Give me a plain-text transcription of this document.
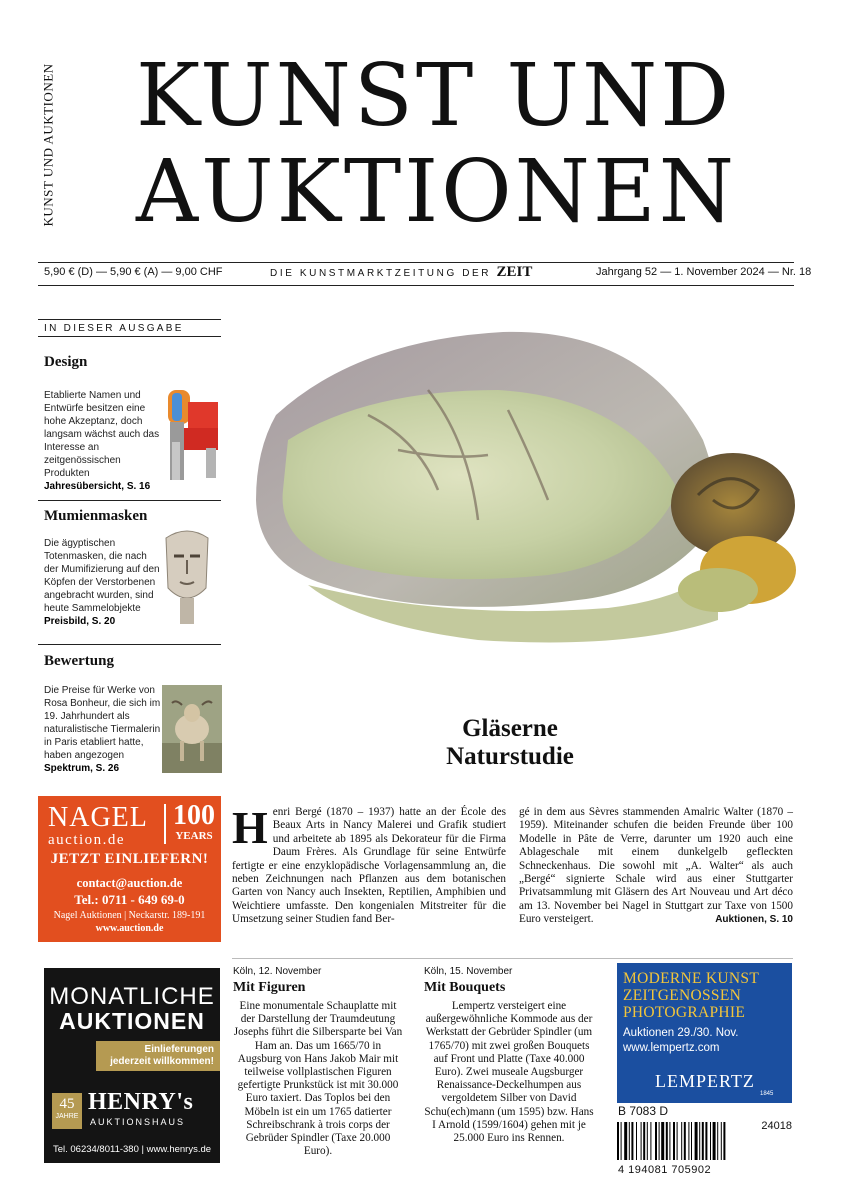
KUNST UND AUKTIONEN KUNST UND
AUKTIONEN
5,90 € (D) — 5,90 € (A) — 9,00 CHF	DIE KUNSTMARKTZEITUNG DER ZEIT	Jahrgang 52 — 1. November 2024 — Nr. 18
IN DIESER AUSGABE
Design
Etablierte Namen und Entwürfe besitzen eine hohe Akzeptanz, doch langsam wächst auch das Interesse an zeitgenössischen Produkten
Jahresübersicht, S. 16
Mumienmasken
Die ägyptischen Totenmasken, die nach der Mumifizierung auf den Köpfen der Verstorbenen angebracht wurden, sind heute Sammelobjekte
Preisbild, S. 20
Bewertung
Die Preise für Werke von Rosa Bonheur, die sich im 19. Jahrhundert als naturalistische Tiermalerin in Paris etabliert hatte, haben angezogen
Spektrum, S. 26
Gläserne
Naturstudie
Henri Bergé (1870 – 1937) hatte an der École des Beaux Arts in Nancy Malerei und Grafik studiert und arbeitete ab 1895 als Dekorateur für die Firma Daum Frères. Als Grundlage für seine Entwürfe fertigte er eine enzyklopädische Vorlagensammlung an, die neben Zeichnungen nach Pflanzen aus dem botanischen Garten von Nancy auch Insekten, Reptilien, Amphibien und Weichtiere umfasste. Den kongenialen Mitstreiter für die Umsetzung seiner Studien fand Ber-
gé in dem aus Sèvres stammenden Amalric Walter (1870 – 1959). Miteinander schufen die beiden Freunde über 100 Modelle in Pâte de Verre, darunter um 1920 auch eine Ablageschale mit einem dunkelgelb gefleckten Schneckenhaus. Die sowohl mit „A. Walter“ als auch „Bergé“ signierte Schale wird aus einer Stuttgarter Privatsammlung mit Gläsern des Art Nouveau und Art déco am 13. November bei Nagel in Stuttgart zur Taxe von 1500 Euro versteigert.	Auktionen, S. 10
NAGEL
auction.de
100
YEARS
JETZT EINLIEFERN!
contact@auction.de
Tel.: 0711 - 649 69-0
Nagel Auktionen | Neckarstr. 189-191
www.auction.de
MONATLICHE
AUKTIONEN
Einlieferungen
jederzeit willkommen!
45
JAHRE
HENRY's
AUKTIONSHAUS
Tel. 06234/8011-380 | www.henrys.de
Köln, 12. November
Mit Figuren
Eine monumentale Schauplatte mit der Darstellung der Traumdeutung Josephs führt die Silbersparte bei Van Ham an. Das um 1665/70 in Augsburg von Hans Jakob Mair mit teilweise vollplastischen Figuren gefertigte Prunkstück ist mit 30.000 Euro taxiert. Das Toplos bei den Möbeln ist ein um 1765 datierter Schreibschrank à trois corps der Gebrüder Spindler (Taxe 20.000 Euro).
Köln, 15. November
Mit Bouquets
Lempertz versteigert eine außergewöhnliche Kommode aus der Werkstatt der Gebrüder Spindler (um 1765/70) mit zwei großen Bouquets auf Front und Platte (Taxe 40.000 Euro). Zwei museale Augsburger Renaissance-Deckelhumpen aus vergoldetem Silber von David Schu(ech)mann (um 1595) bzw. Hans I Arnold (1599/1604) gehen mit je 25.000 Euro ins Rennen.
MODERNE KUNST
ZEITGENOSSEN
PHOTOGRAPHIE
Auktionen 29./30. Nov.
www.lempertz.com
LEMPERTZ
1845
B 7083 D
24018
4 194081 705902
